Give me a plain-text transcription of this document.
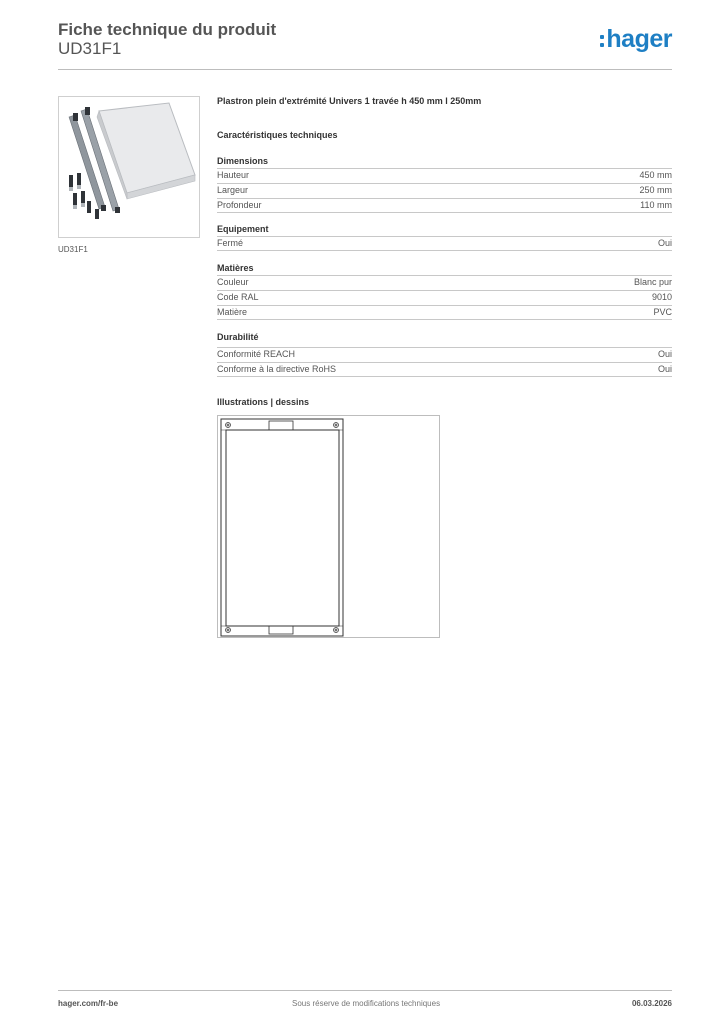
Fiche technique du produit
UD31F1	hager
UD31F1
Plastron plein d'extrémité Univers 1 travée h 450 mm l 250mm
Caractéristiques techniques
Dimensions
Hauteur	450 mm
Largeur	250 mm
Profondeur	110 mm
Equipement
Fermé	Oui
Matières
Couleur	Blanc pur
Code RAL	9010
Matière	PVC
Durabilité
Conformité REACH	Oui
Conforme à la directive RoHS	Oui
Illustrations | dessins
hager.com/fr-be	Sous réserve de modifications techniques	06.03.2026
